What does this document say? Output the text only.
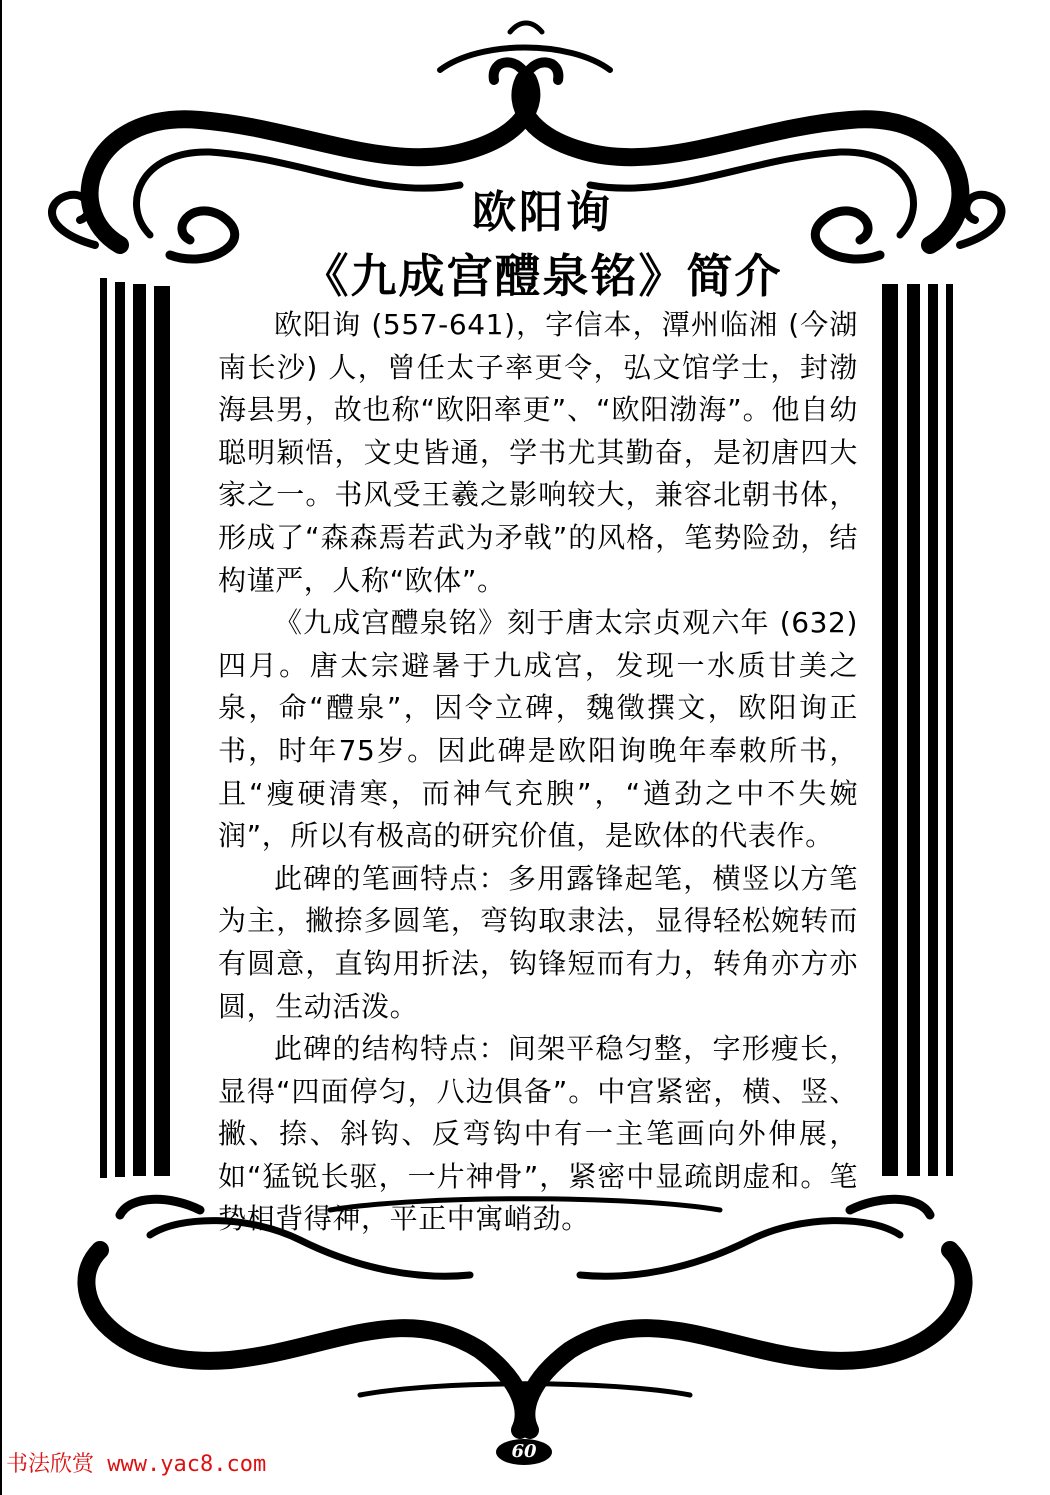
欧阳询
《九成宫醴泉铭》简介

欧阳询 (557-641)，字信本，潭州临湘 (今湖南长沙) 人，曾任太子率更令，弘文馆学士，封渤海县男，故也称“欧阳率更”、“欧阳渤海”。他自幼聪明颖悟，文史皆通，学书尤其勤奋，是初唐四大家之一。书风受王羲之影响较大，兼容北朝书体，形成了“森森焉若武为矛戟”的风格，笔势险劲，结构谨严，人称“欧体”。

《九成宫醴泉铭》刻于唐太宗贞观六年 (632) 四月。唐太宗避暑于九成宫，发现一水质甘美之泉，命“醴泉”，因令立碑，魏徵撰文，欧阳询正书，时年75岁。因此碑是欧阳询晚年奉敕所书，且“瘦硬清寒，而神气充腴”，“遒劲之中不失婉润”，所以有极高的研究价值，是欧体的代表作。

此碑的笔画特点：多用露锋起笔，横竖以方笔为主，撇捺多圆笔，弯钩取隶法，显得轻松婉转而有圆意，直钩用折法，钩锋短而有力，转角亦方亦圆，生动活泼。

此碑的结构特点：间架平稳匀整，字形瘦长，显得“四面停匀，八边俱备”。中宫紧密，横、竖、撇、捺、斜钩、反弯钩中有一主笔画向外伸展，如“猛锐长驱，一片神骨”，紧密中显疏朗虚和。笔势相背得神，平正中寓峭劲。

60
书法欣赏 www.yac8.com
